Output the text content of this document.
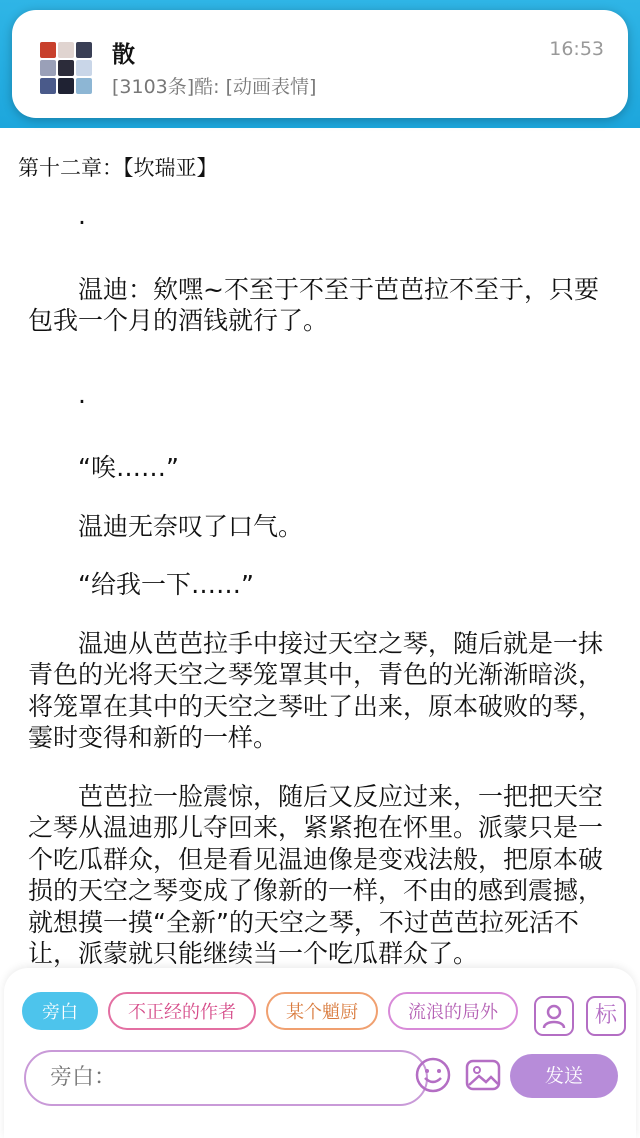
散
[3103条]酷: [动画表情]
16:53
第十二章：【坎瑞亚】

.

温迪：欸嘿~不至于不至于芭芭拉不至于，只要包我一个月的酒钱就行了。

.

“唉……”

温迪无奈叹了口气。

“给我一下……”

温迪从芭芭拉手中接过天空之琴，随后就是一抹青色的光将天空之琴笼罩其中，青色的光渐渐暗淡，将笼罩在其中的天空之琴吐了出来，原本破败的琴，霎时变得和新的一样。

芭芭拉一脸震惊，随后又反应过来，一把把天空之琴从温迪那儿夺回来，紧紧抱在怀里。派蒙只是一个吃瓜群众，但是看见温迪像是变戏法般，把原本破损的天空之琴变成了像新的一样，不由的感到震撼，就想摸一摸“全新”的天空之琴，不过芭芭拉死活不让，派蒙就只能继续当一个吃瓜群众了。

旁白	不正经的作者	某个魈厨	流浪的局外	标
旁白：
发送
